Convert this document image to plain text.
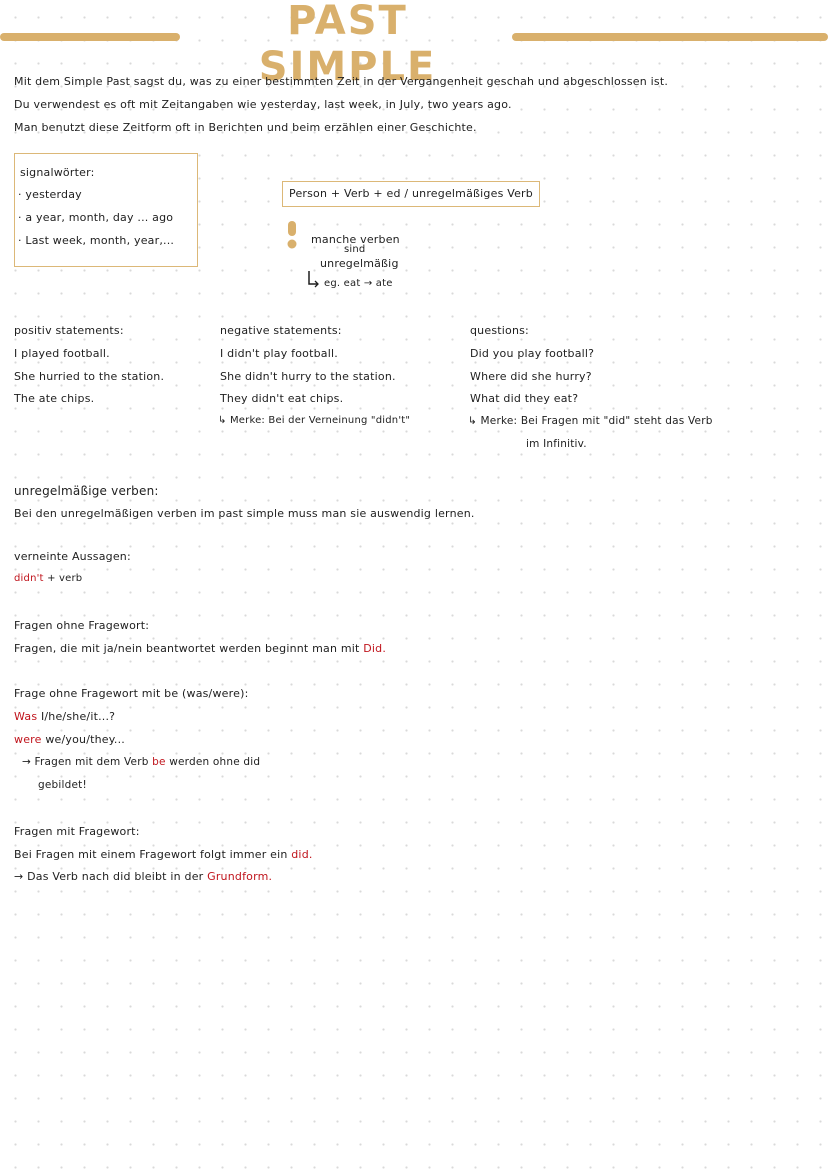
PAST SIMPLE
Mit dem Simple Past sagst du, was zu einer bestimmten Zeit in der Vergangenheit geschah und abgeschlossen ist.
Du verwendest es oft mit Zeitangaben wie yesterday, last week, in July, two years ago.
Man benutzt diese Zeitform oft in Berichten und beim erzählen einer Geschichte.
signalwörter:
· yesterday
· a year, month, day ... ago
· Last week, month, year,...
Person + Verb + ed / unregelmäßiges Verb
manche verben
sind
unregelmäßig
eg. eat → ate
positiv statements:
I played football.
She hurried to the station.
The ate chips.
negative statements:
I didn't play football.
She didn't hurry to the station.
They didn't eat chips.
↳ Merke: Bei der Verneinung "didn't"
questions:
Did you play football?
Where did she hurry?
What did they eat?
↳ Merke: Bei Fragen mit "did" steht das Verb
im Infinitiv.
unregelmäßige verben:
Bei den unregelmäßigen verben im past simple muss man sie auswendig lernen.
verneinte Aussagen:
didn't + verb
Fragen ohne Fragewort:
Fragen, die mit ja/nein beantwortet werden beginnt man mit Did.
Frage ohne Fragewort mit be (was/were):
Was I/he/she/it...?
were we/you/they...
→ Fragen mit dem Verb be werden ohne did
gebildet!
Fragen mit Fragewort:
Bei Fragen mit einem Fragewort folgt immer ein did.
→ Das Verb nach did bleibt in der Grundform.
